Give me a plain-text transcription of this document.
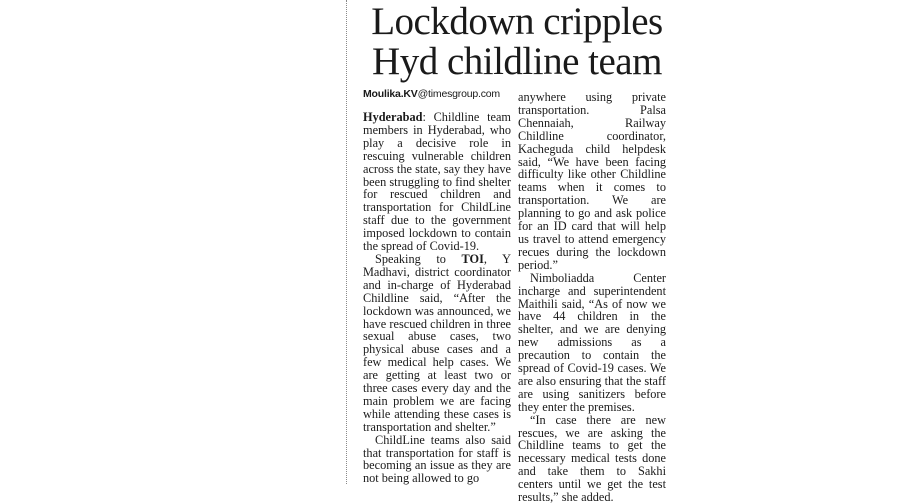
Lockdown cripples
Hyd childline team
Moulika.KV@timesgroup.com

Hyderabad: Childline team members in Hyderabad, who play a decisive role in rescuing vulnerable children across the state, say they have been struggling to find shelter for rescued children and transportation for ChildLine staff due to the government imposed lockdown to contain the spread of Covid-19.

Speaking to TOI, Y Madhavi, district coordinator and in-charge of Hyderabad Childline said, “After the lockdown was announced, we have rescued children in three sexual abuse cases, two physical abuse cases and a few medical help cases. We are getting at least two or three cases every day and the main problem we are facing while attending these cases is transportation and shelter.”

ChildLine teams also said that transportation for staff is becoming an issue as they are not being allowed to go

anywhere using private transportation. Palsa Chennaiah, Railway Childline coordinator, Kacheguda child helpdesk said, “We have been facing difficulty like other Childline teams when it comes to transportation. We are planning to go and ask police for an ID card that will help us travel to attend emergency recues during the lockdown period.”

Nimboliadda Center incharge and superintendent Maithili said, “As of now we have 44 children in the shelter, and we are denying new admissions as a precaution to contain the spread of Covid-19 cases. We are also ensuring that the staff are using sanitizers before they enter the premises.

“In case there are new rescues, we are asking the Childline teams to get the necessary medical tests done and take them to Sakhi centers until we get the test results,” she added.
